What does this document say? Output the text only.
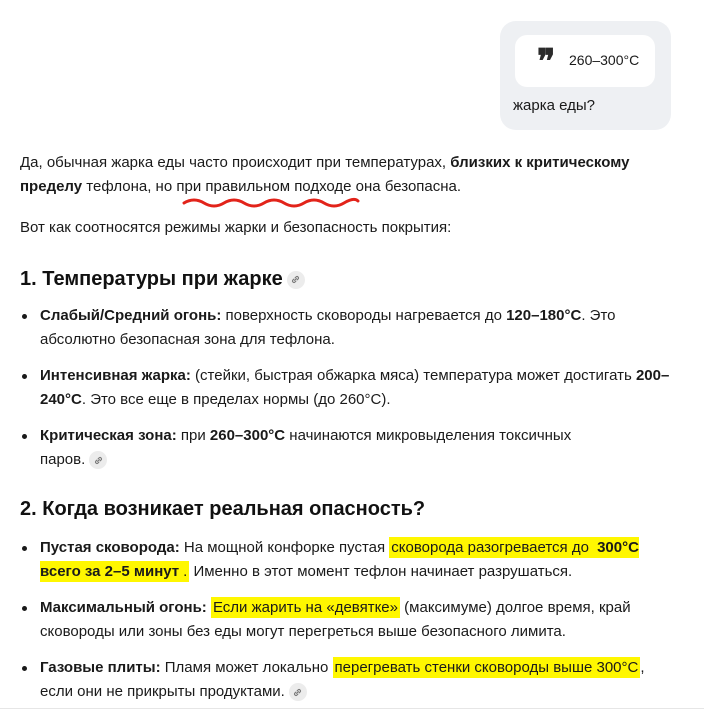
❞ 260–300°С
жарка еды?

Да, обычная жарка еды часто происходит при температурах, близких к критическому пределу тефлона, но при правильном подходе она безопасна.

Вот как соотносятся режимы жарки и безопасность покрытия:

1. Температуры при жарке
Слабый/Средний огонь: поверхность сковороды нагревается до 120–180°C. Это абсолютно безопасная зона для тефлона.
Интенсивная жарка: (стейки, быстрая обжарка мяса) температура может достигать 200–240°C. Это все еще в пределах нормы (до 260°C).
Критическая зона: при 260–300°C начинаются микровыделения токсичных паров.
2. Когда возникает реальная опасность?
Пустая сковорода: На мощной конфорке пустая сковорода разогревается до 300°C всего за 2–5 минут . Именно в этот момент тефлон начинает разрушаться.
Максимальный огонь: Если жарить на «девятке» (максимуме) долгое время, край сковороды или зоны без еды могут перегреться выше безопасного лимита.
Газовые плиты: Пламя может локально перегревать стенки сковороды выше 300°C , если они не прикрыты продуктами.
